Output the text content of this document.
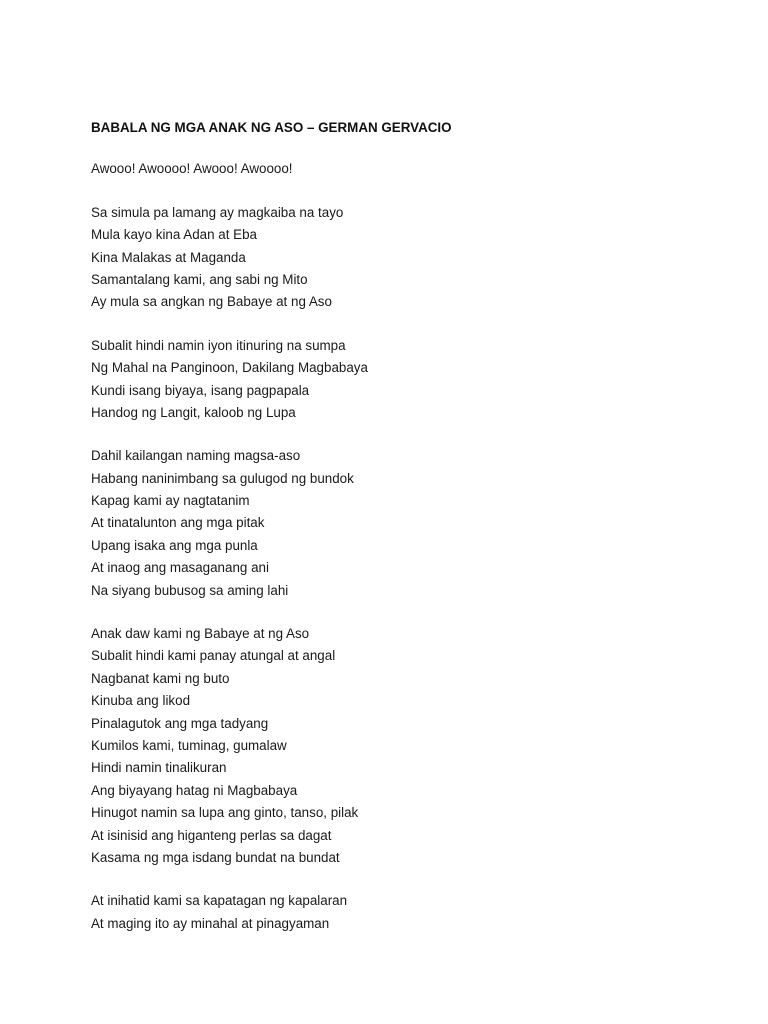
BABALA NG MGA ANAK NG ASO – GERMAN GERVACIO
Awooo! Awoooo! Awooo! Awoooo!
Sa simula pa lamang ay magkaiba na tayo
Mula kayo kina Adan at Eba
Kina Malakas at Maganda
Samantalang kami, ang sabi ng Mito
Ay mula sa angkan ng Babaye at ng Aso
Subalit hindi namin iyon itinuring na sumpa
Ng Mahal na Panginoon, Dakilang Magbabaya
Kundi isang biyaya, isang pagpapala
Handog ng Langit, kaloob ng Lupa
Dahil kailangan naming magsa-aso
Habang naninimbang sa gulugod ng bundok
Kapag kami ay nagtatanim
At tinatalunton ang mga pitak
Upang isaka ang mga punla
At inaog ang masaganang ani
Na siyang bubusog sa aming lahi
Anak daw kami ng Babaye at ng Aso
Subalit hindi kami panay atungal at angal
Nagbanat kami ng buto
Kinuba ang likod
Pinalagutok ang mga tadyang
Kumilos kami, tuminag, gumalaw
Hindi namin tinalikuran
Ang biyayang hatag ni Magbabaya
Hinugot namin sa lupa ang ginto, tanso, pilak
At isinisid ang higanteng perlas sa dagat
Kasama ng mga isdang bundat na bundat
At inihatid kami sa kapatagan ng kapalaran
At maging ito ay minahal at pinagyaman
